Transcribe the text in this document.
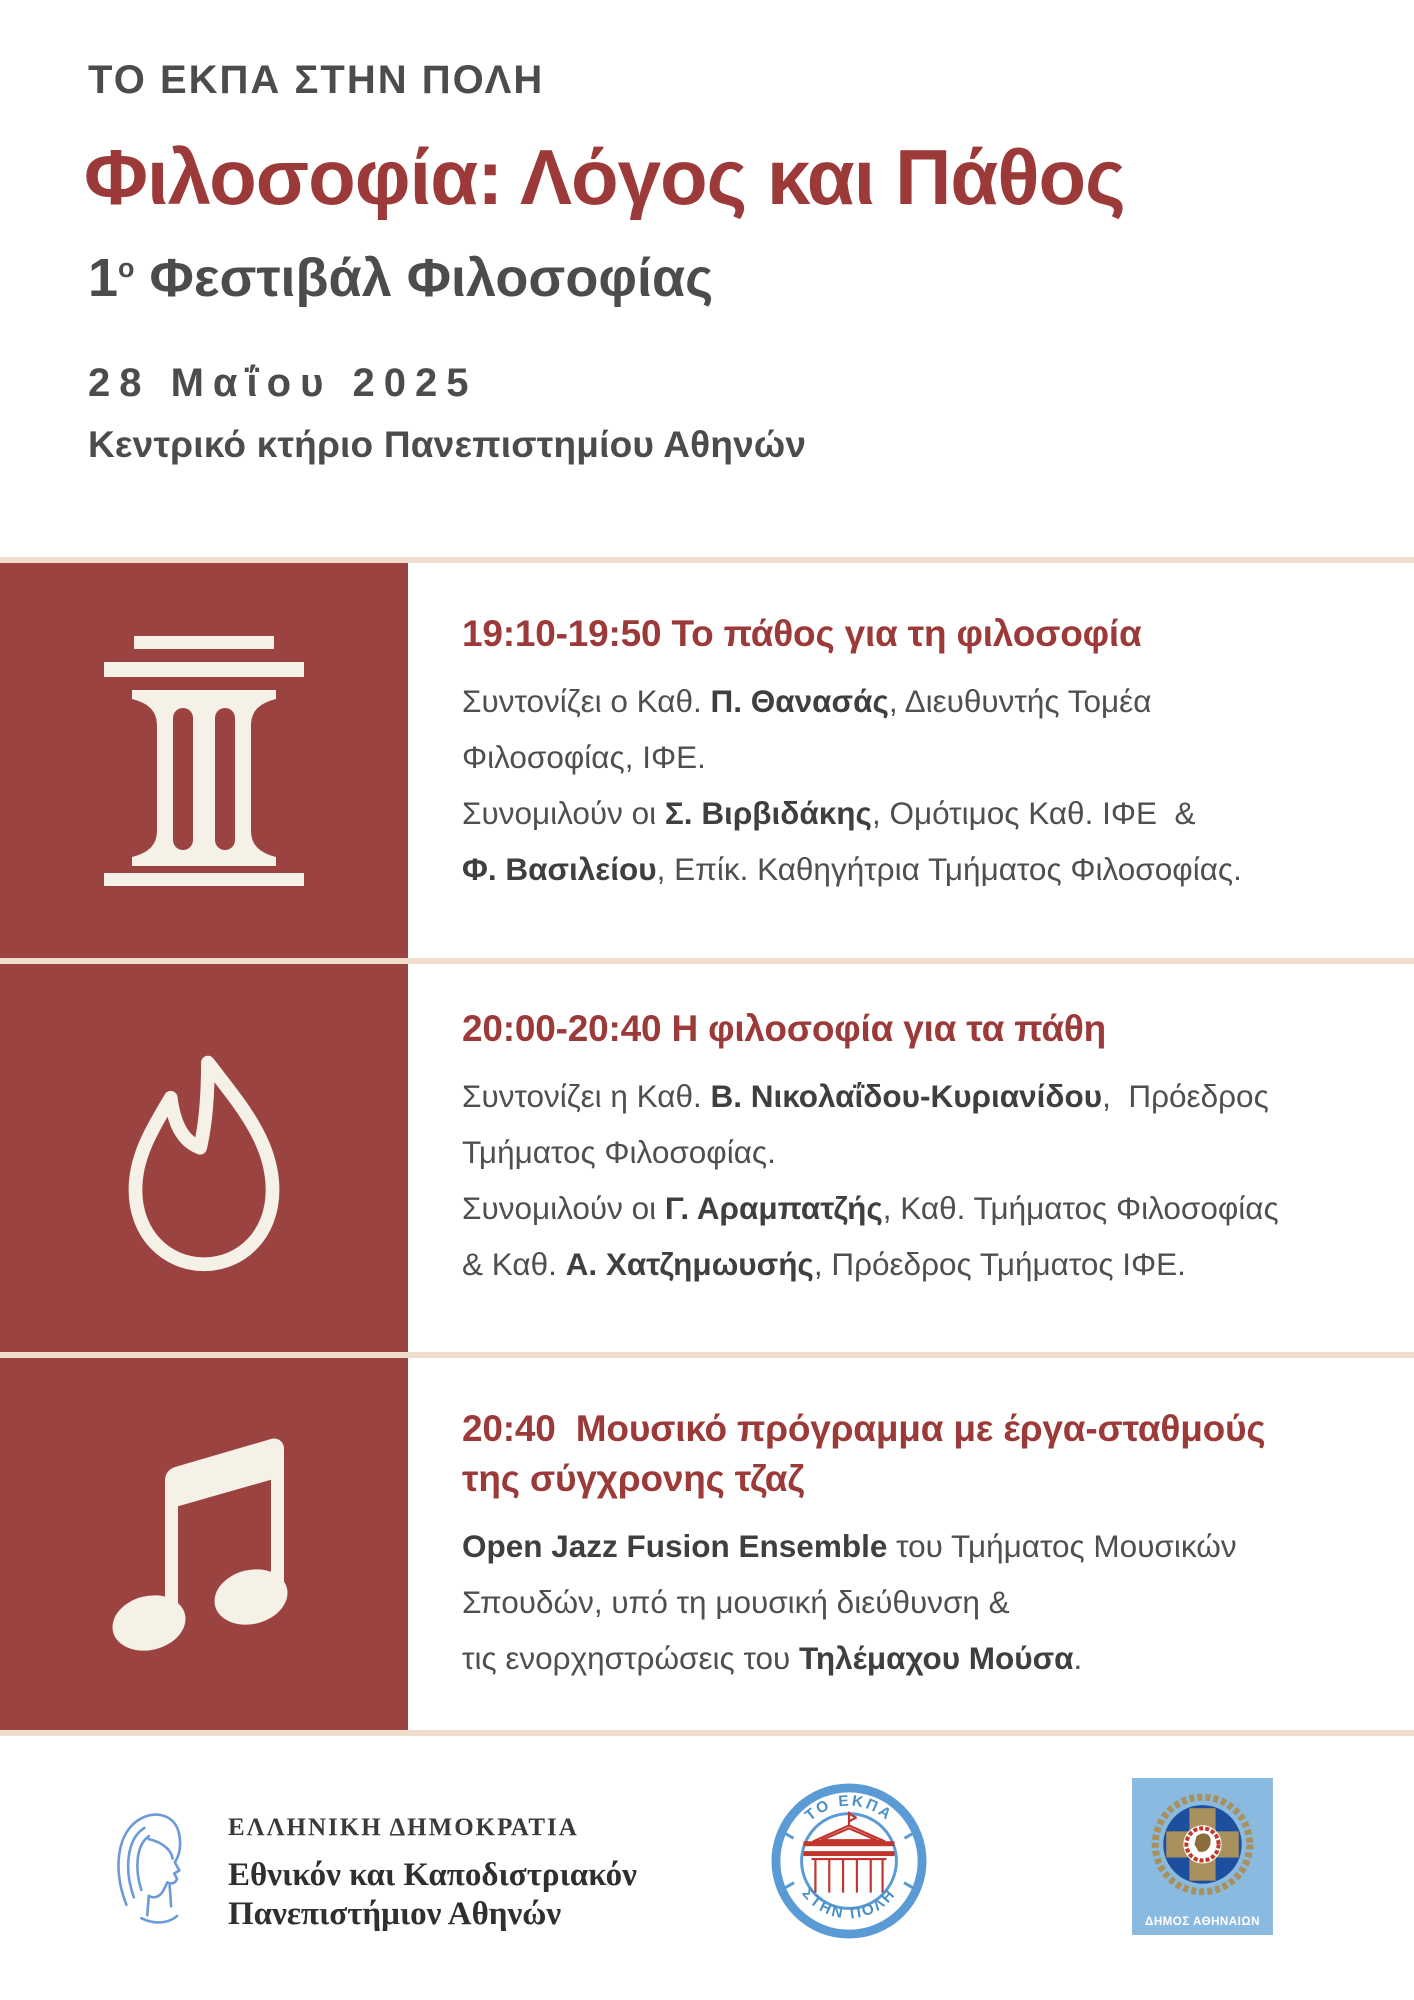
ΤΟ ΕΚΠΑ ΣΤΗΝ ΠΟΛΗ
Φιλοσοφία: Λόγος και Πάθος
$1^o$ Φεστιβάλ Φιλοσοφίας
28 Μαΐου 2025
Κεντρικό κτήριο Πανεπιστημίου Αθηνών
19:10-19:50 Το πάθος για τη φιλοσοφία
Συντονίζει ο Καθ. Π. Θανασάς, Διευθυντής Τομέα
Φιλοσοφίας, ΙΦΕ.
Συνομιλούν οι Σ. Βιρβιδάκης, Ομότιμος Καθ. ΙΦΕ  &
Φ. Βασιλείου, Επίκ. Καθηγήτρια Τμήματος Φιλοσοφίας.
20:00-20:40 Η φιλοσοφία για τα πάθη
Συντονίζει η Καθ. Β. Νικολαΐδου-Κυριανίδου,  Πρόεδρος
Τμήματος Φιλοσοφίας.
Συνομιλούν οι Γ. Αραμπατζής, Καθ. Τμήματος Φιλοσοφίας
& Καθ. Α. Χατζημωυσής, Πρόεδρος Τμήματος ΙΦΕ.
20:40  Μουσικό πρόγραμμα με έργα-σταθμούς
της σύγχρονης τζαζ
Open Jazz Fusion Ensemble του Τμήματος Μουσικών
Σπουδών, υπό τη μουσική διεύθυνση &
τις ενορχηστρώσεις του Τηλέμαχου Μούσα.

ΕΛΛΗΝΙΚΗ ΔΗΜΟΚΡΑΤΙΑ

Εθνικόν και Καποδιστριακόν

Πανεπιστήμιον Αθηνών

ΤΟ ΕΚΠΑ
ΣΤΗΝ ΠΟΛΗ
ΔΗΜΟΣ ΑΘΗΝΑΙΩΝ
